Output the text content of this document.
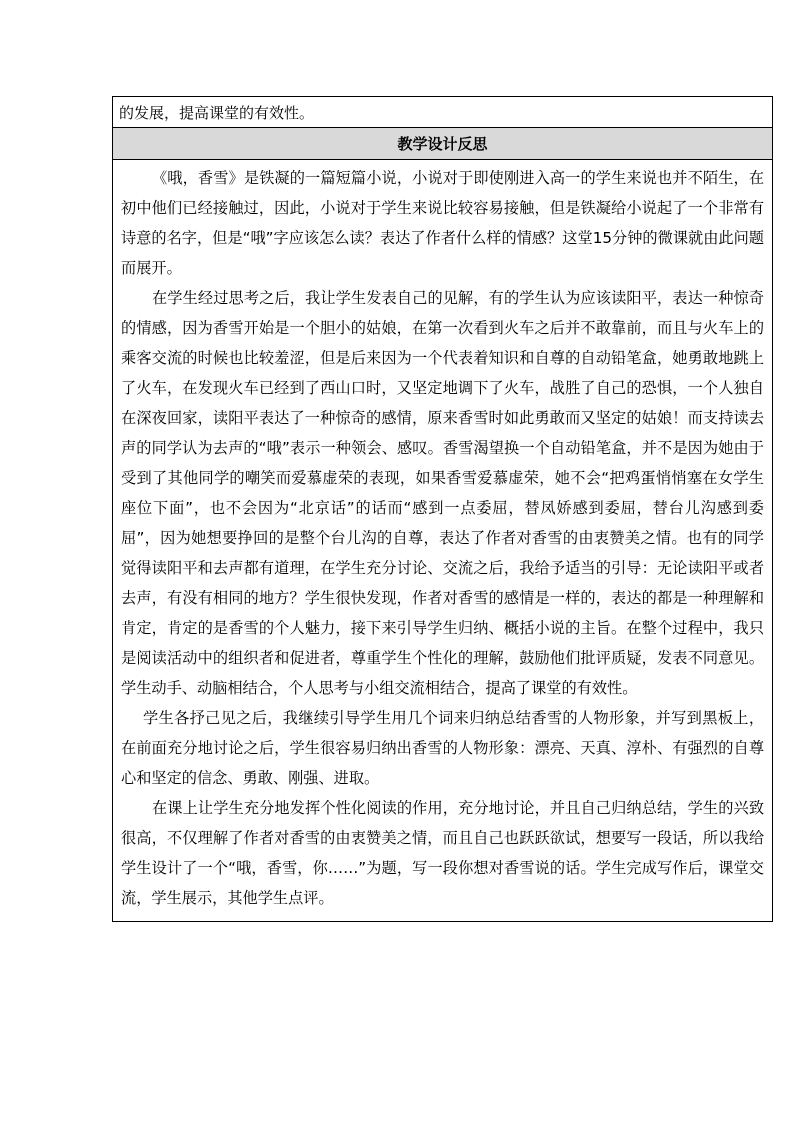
的发展，提高课堂的有效性。
教学设计反思

《哦，香雪》是铁凝的一篇短篇小说，小说对于即使刚进入高一的学生来说也并不陌生，在初中他们已经接触过，因此，小说对于学生来说比较容易接触，但是铁凝给小说起了一个非常有诗意的名字，但是“哦”字应该怎么读？表达了作者什么样的情感？这堂15分钟的微课就由此问题而展开。

在学生经过思考之后，我让学生发表自己的见解，有的学生认为应该读阳平，表达一种惊奇的情感，因为香雪开始是一个胆小的姑娘，在第一次看到火车之后并不敢靠前，而且与火车上的乘客交流的时候也比较羞涩，但是后来因为一个代表着知识和自尊的自动铅笔盒，她勇敢地跳上了火车，在发现火车已经到了西山口时，又坚定地调下了火车，战胜了自己的恐惧，一个人独自在深夜回家，读阳平表达了一种惊奇的感情，原来香雪时如此勇敢而又坚定的姑娘！而支持读去声的同学认为去声的“哦”表示一种领会、感叹。香雪渴望换一个自动铅笔盒，并不是因为她由于受到了其他同学的嘲笑而爱慕虚荣的表现，如果香雪爱慕虚荣，她不会“把鸡蛋悄悄塞在女学生座位下面”，也不会因为“北京话”的话而“感到一点委屈，替凤娇感到委屈，替台儿沟感到委屈”，因为她想要挣回的是整个台儿沟的自尊，表达了作者对香雪的由衷赞美之情。也有的同学觉得读阳平和去声都有道理，在学生充分讨论、交流之后，我给予适当的引导：无论读阳平或者去声，有没有相同的地方？学生很快发现，作者对香雪的感情是一样的，表达的都是一种理解和肯定，肯定的是香雪的个人魅力，接下来引导学生归纳、概括小说的主旨。在整个过程中，我只是阅读活动中的组织者和促进者，尊重学生个性化的理解，鼓励他们批评质疑，发表不同意见。学生动手、动脑相结合，个人思考与小组交流相结合，提高了课堂的有效性。

学生各抒己见之后，我继续引导学生用几个词来归纳总结香雪的人物形象，并写到黑板上，在前面充分地讨论之后，学生很容易归纳出香雪的人物形象：漂亮、天真、淳朴、有强烈的自尊心和坚定的信念、勇敢、刚强、进取。

在课上让学生充分地发挥个性化阅读的作用，充分地讨论，并且自己归纳总结，学生的兴致很高，不仅理解了作者对香雪的由衷赞美之情，而且自己也跃跃欲试，想要写一段话，所以我给学生设计了一个“哦，香雪，你……”为题，写一段你想对香雪说的话。学生完成写作后，课堂交流，学生展示，其他学生点评。
